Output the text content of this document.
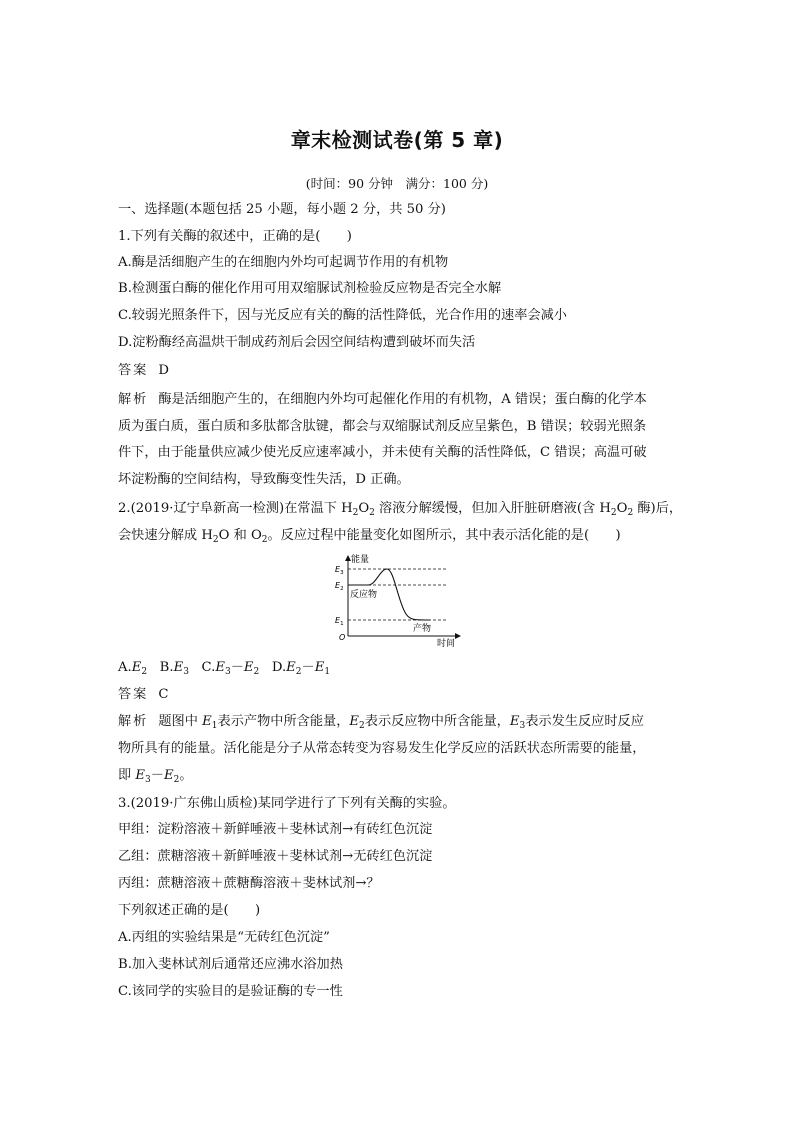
章末检测试卷(第 5 章)
(时间：90 分钟　满分：100 分)
一、选择题(本题包括 25 小题，每小题 2 分，共 50 分)
1.下列有关酶的叙述中，正确的是(　　)
A.酶是活细胞产生的在细胞内外均可起调节作用的有机物
B.检测蛋白酶的催化作用可用双缩脲试剂检验反应物是否完全水解
C.较弱光照条件下，因与光反应有关的酶的活性降低，光合作用的速率会减小
D.淀粉酶经高温烘干制成药剂后会因空间结构遭到破坏而失活
答案 D
解析 酶是活细胞产生的，在细胞内外均可起催化作用的有机物，A 错误；蛋白酶的化学本
质为蛋白质，蛋白质和多肽都含肽键，都会与双缩脲试剂反应呈紫色，B 错误；较弱光照条
件下，由于能量供应减少使光反应速率减小，并未使有关酶的活性降低，C 错误；高温可破
坏淀粉酶的空间结构，导致酶变性失活，D 正确。
2.(2019·辽宁阜新高一检测)在常温下 $H_2O_2$ 溶液分解缓慢，但加入肝脏研磨液(含 $H_2O_2$ 酶)后，
会快速分解成 $H_2O$ 和 $O_2$。反应过程中能量变化如图所示，其中表示活化能的是(　　)
能量
时间
O
$E_3$
$E_2$
$E_1$
反应物
产物
$A.E_2$ $B.E_3$ $C.E_3-E_2$ $D.E_2-E_1$
答案 C
解析 题图中 $E_1$表示产物中所含能量，$E_2$表示反应物中所含能量，$E_3$表示发生反应时反应
物所具有的能量。活化能是分子从常态转变为容易发生化学反应的活跃状态所需要的能量，
即 $E_3-E_2$。
3.(2019·广东佛山质检)某同学进行了下列有关酶的实验。
甲组：淀粉溶液＋新鲜唾液＋斐林试剂→有砖红色沉淀
乙组：蔗糖溶液＋新鲜唾液＋斐林试剂→无砖红色沉淀
丙组：蔗糖溶液＋蔗糖酶溶液＋斐林试剂→？
下列叙述正确的是(　　)
A.丙组的实验结果是“无砖红色沉淀”
B.加入斐林试剂后通常还应沸水浴加热
C.该同学的实验目的是验证酶的专一性
